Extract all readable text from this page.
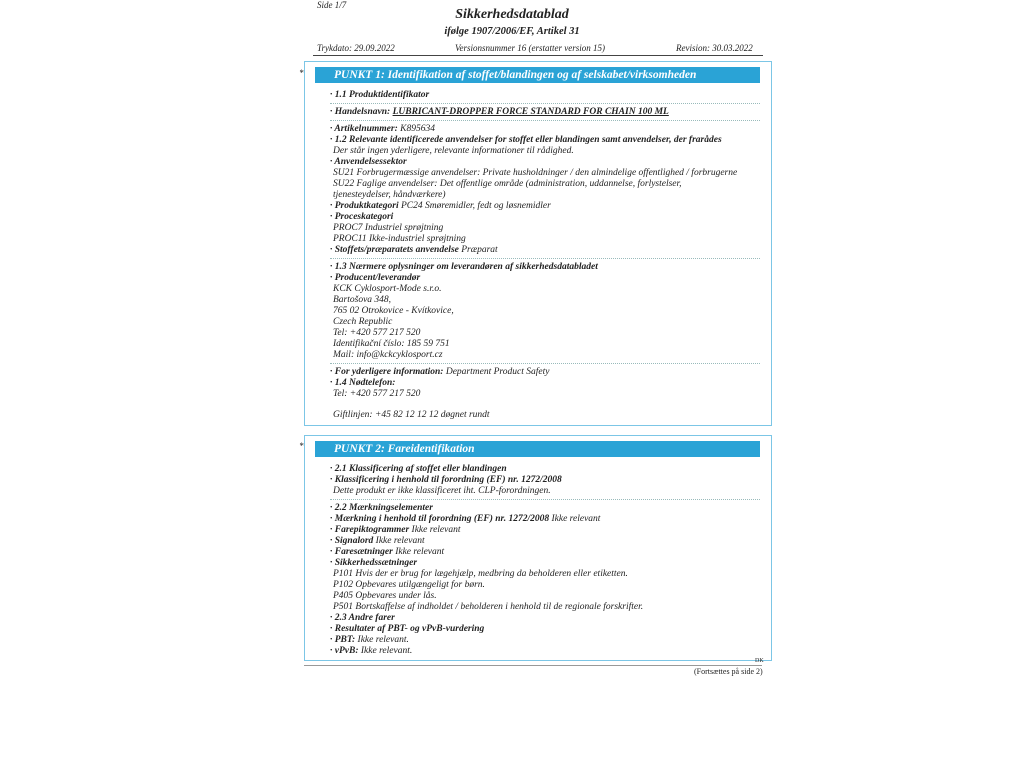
Side 1/7
Sikkerhedsdatablad
ifølge 1907/2006/EF, Artikel 31
Trykdato: 29.09.2022	Versionsnummer 16 (erstatter version 15)	Revision: 30.03.2022
*	PUNKT 1: Identifikation af stoffet/blandingen og af selskabet/virksomheden
· 1.1 Produktidentifikator
· Handelsnavn: LUBRICANT-DROPPER FORCE STANDARD FOR CHAIN 100 ML
· Artikelnummer: K895634
· 1.2 Relevante identificerede anvendelser for stoffet eller blandingen samt anvendelser, der frarådes
Der står ingen yderligere, relevante informationer til rådighed.
· Anvendelsessektor
SU21 Forbrugermæssige anvendelser: Private husholdninger / den almindelige offentlighed / forbrugerne
SU22 Faglige anvendelser: Det offentlige område (administration, uddannelse, forlystelser,
tjenesteydelser, håndværkere)
· Produktkategori PC24 Smøremidler, fedt og løsnemidler
· Proceskategori
PROC7 Industriel sprøjtning
PROC11 Ikke-industriel sprøjtning
· Stoffets/præparatets anvendelse Præparat
· 1.3 Nærmere oplysninger om leverandøren af sikkerhedsdatabladet
· Producent/leverandør
KCK Cyklosport-Mode s.r.o.
Bartošova 348,
765 02 Otrokovice - Kvítkovice,
Czech Republic
Tel: +420 577 217 520
Identifikační číslo: 185 59 751
Mail: info@kckcyklosport.cz
· For yderligere information: Department Product Safety
· 1.4 Nødtelefon:
Tel: +420 577 217 520
Giftlinjen: +45 82 12 12 12 døgnet rundt
*	PUNKT 2: Fareidentifikation
· 2.1 Klassificering af stoffet eller blandingen
· Klassificering i henhold til forordning (EF) nr. 1272/2008
Dette produkt er ikke klassificeret iht. CLP-forordningen.
· 2.2 Mærkningselementer
· Mærkning i henhold til forordning (EF) nr. 1272/2008 Ikke relevant
· Farepiktogrammer Ikke relevant
· Signalord Ikke relevant
· Faresætninger Ikke relevant
· Sikkerhedssætninger
P101 Hvis der er brug for lægehjælp, medbring da beholderen eller etiketten.
P102 Opbevares utilgængeligt for børn.
P405 Opbevares under lås.
P501 Bortskaffelse af indholdet / beholderen i henhold til de regionale forskrifter.
· 2.3 Andre farer
· Resultater af PBT- og vPvB-vurdering
· PBT: Ikke relevant.
· vPvB: Ikke relevant.
DK
(Fortsættes på side 2)
